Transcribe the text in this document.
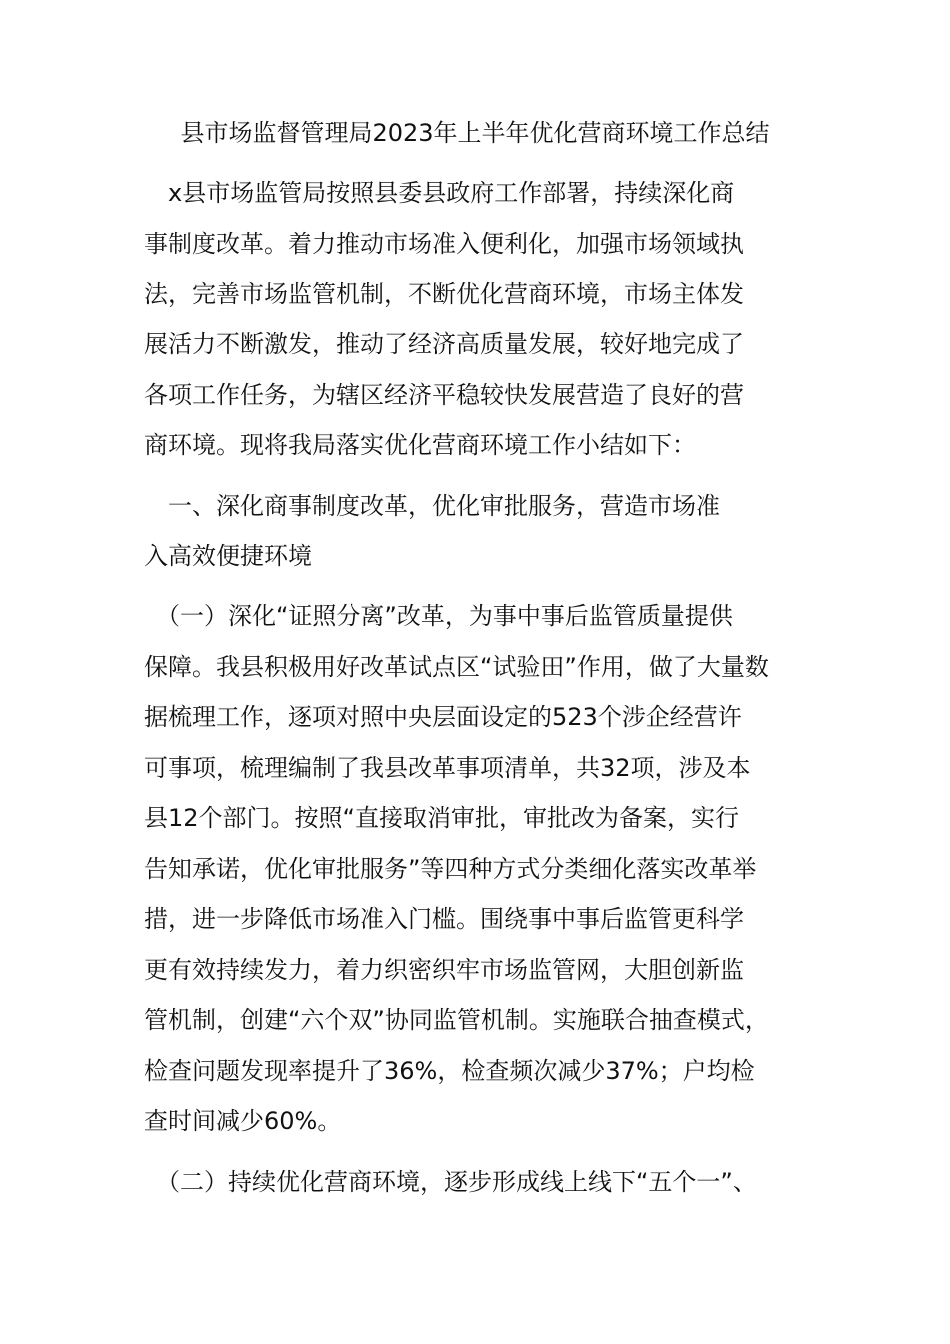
县市场监督管理局2023年上半年优化营商环境工作总结
　x县市场监管局按照县委县政府工作部署，持续深化商
事制度改革。着力推动市场准入便利化，加强市场领域执
法，完善市场监管机制，不断优化营商环境，市场主体发
展活力不断激发，推动了经济高质量发展，较好地完成了
各项工作任务，为辖区经济平稳较快发展营造了良好的营
商环境。现将我局落实优化营商环境工作小结如下：
　一、深化商事制度改革，优化审批服务，营造市场准
入高效便捷环境
　（一）深化“证照分离”改革，为事中事后监管质量提供
保障。我县积极用好改革试点区“试验田”作用，做了大量数
据梳理工作，逐项对照中央层面设定的523个涉企经营许
可事项，梳理编制了我县改革事项清单，共32项，涉及本
县12个部门。按照“直接取消审批，审批改为备案，实行
告知承诺，优化审批服务”等四种方式分类细化落实改革举
措，进一步降低市场准入门槛。围绕事中事后监管更科学
更有效持续发力，着力织密织牢市场监管网，大胆创新监
管机制，创建“六个双”协同监管机制。实施联合抽查模式，
检查问题发现率提升了36%，检查频次减少37%；户均检
查时间减少60%。
　（二）持续优化营商环境，逐步形成线上线下“五个一”、
